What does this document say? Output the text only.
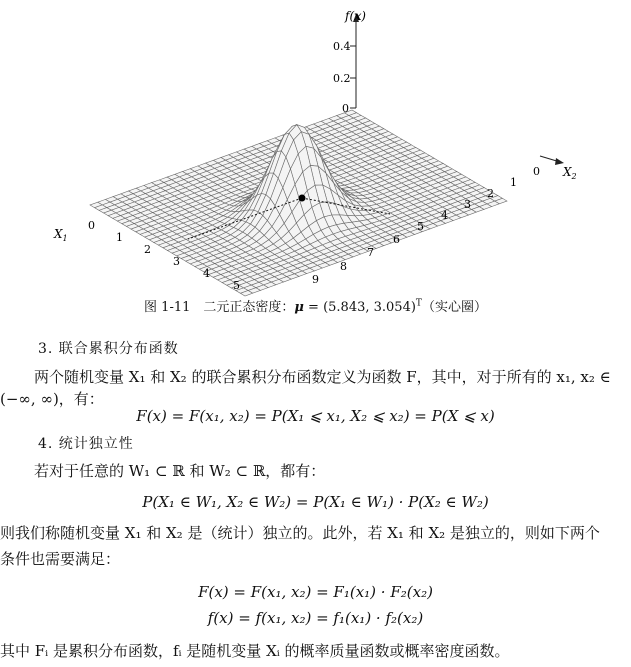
f(x)
0.4
0.2
0
$X_2$
$X_1$
0
1
2
3
4
5
0
1
2
3
4
5
6
7
8
9
图 1-11　二元正态密度：μ = (5.843, 3.054)$^T$（实心圈）
3. 联合累积分布函数
两个随机变量 X₁ 和 X₂ 的联合累积分布函数定义为函数 F，其中，对于所有的 x₁, x₂ ∈
(−∞, ∞)，有：
F(x) = F(x₁, x₂) = P(X₁ ⩽ x₁, X₂ ⩽ x₂) = P(X ⩽ x)
4. 统计独立性
若对于任意的 W₁ ⊂ ℝ 和 W₂ ⊂ ℝ，都有：
P(X₁ ∈ W₁, X₂ ∈ W₂) = P(X₁ ∈ W₁) · P(X₂ ∈ W₂)
则我们称随机变量 X₁ 和 X₂ 是（统计）独立的。此外，若 X₁ 和 X₂ 是独立的，则如下两个
条件也需要满足：
F(x) = F(x₁, x₂) = F₁(x₁) · F₂(x₂)
f(x) = f(x₁, x₂) = f₁(x₁) · f₂(x₂)
其中 Fᵢ 是累积分布函数，fᵢ 是随机变量 Xᵢ 的概率质量函数或概率密度函数。
